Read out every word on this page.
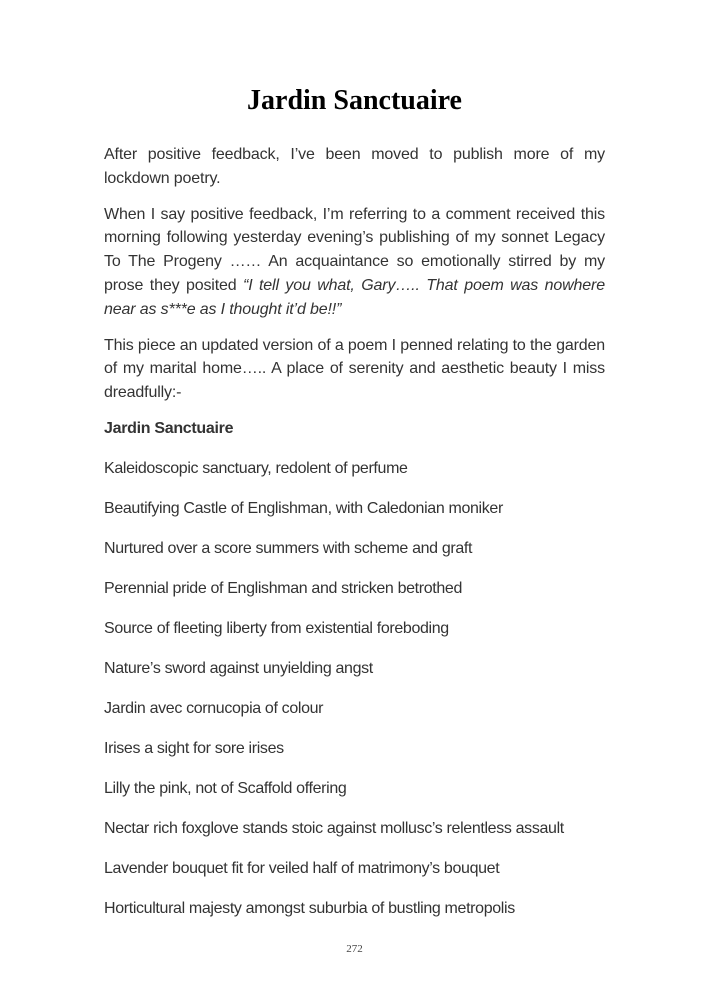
Jardin Sanctuaire

After positive feedback, I’ve been moved to publish more of my lockdown poetry.

When I say positive feedback, I’m referring to a comment received this morning following yesterday evening’s publishing of my sonnet Legacy To The Progeny …… An acquaintance so emotionally stirred by my prose they posited “I tell you what, Gary….. That poem was nowhere near as s***e as I thought it’d be!!”

This piece an updated version of a poem I penned relating to the garden of my marital home….. A place of serenity and aesthetic beauty I miss dreadfully:-

Jardin Sanctuaire
Kaleidoscopic sanctuary, redolent of perfume
Beautifying Castle of Englishman, with Caledonian moniker
Nurtured over a score summers with scheme and graft
Perennial pride of Englishman and stricken betrothed
Source of fleeting liberty from existential foreboding
Nature’s sword against unyielding angst
Jardin avec cornucopia of colour
Irises a sight for sore irises
Lilly the pink, not of Scaffold offering
Nectar rich foxglove stands stoic against mollusc’s relentless assault
Lavender bouquet fit for veiled half of matrimony’s bouquet
Horticultural majesty amongst suburbia of bustling metropolis
272
